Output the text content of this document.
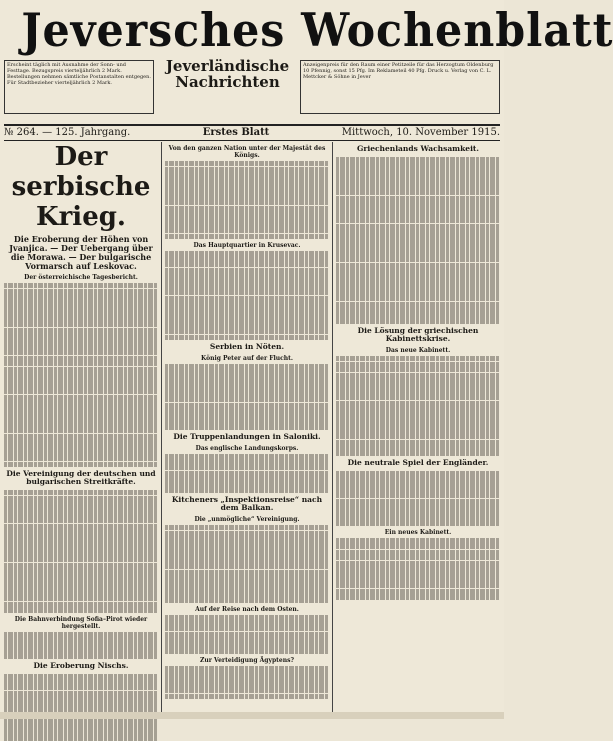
Jeversches Wochenblatt
Erscheint täglich mit Ausnahme der Sonn- und Festtage. Bezugspreis vierteljährlich 2 Mark. Bestellungen nehmen sämtliche Postanstalten entgegen. Für Stadtbezieher vierteljährlich 2 Mark.
Jeverländische
Nachrichten
Anzeigenpreis für den Raum einer Petitzeile für das Herzogtum Oldenburg 10 Pfennig, sonst 15 Pfg. Im Reklameteil 40 Pfg. Druck u. Verlag von C. L. Mettcker & Söhne in Jever
№ 264. — 125. Jahrgang.	Erstes Blatt	Mittwoch, 10. November 1915.
Der serbische Krieg.
Die Eroberung der Höhen von Jvanjica. — Der Uebergang über die Morawa. — Der bulgarische Vormarsch auf Leskovac.
Der österreichische Tagesbericht.
Die Vereinigung der deutschen und bulgarischen Streitkräfte.
Die Bahnverbindung Sofia–Pirot wieder hergestellt.
Die Eroberung Nischs.
Von den ganzen Nation unter der Majestät des Königs.
Das Hauptquartier in Krusevac.
Serbien in Nöten.
König Peter auf der Flucht.
Die Truppenlandungen in Saloniki.
Das englische Landungskorps.
Kitcheners „Inspektionsreise“ nach dem Balkan.
Die „unmögliche“ Vereinigung.
Auf der Reise nach dem Osten.
Zur Verteidigung Ägyptens?
Griechenlands Wachsamkeit.
Die Lösung der griechischen Kabinettskrise.
Das neue Kabinett.
Die neutrale Spiel der Engländer.
Ein neues Kabinett.
